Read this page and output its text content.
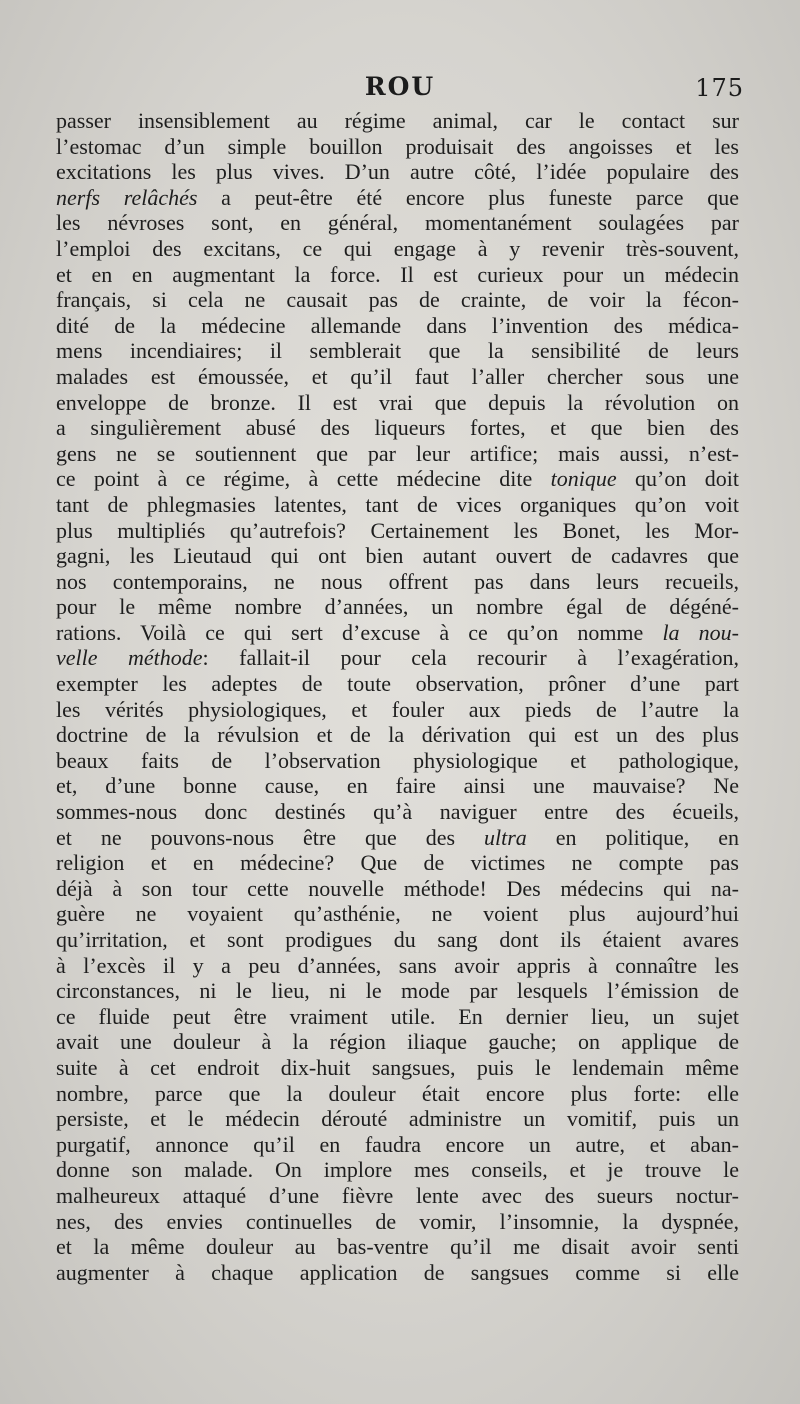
ROU	175
passer insensiblement au régime animal, car le contact sur
l’estomac d’un simple bouillon produisait des angoisses et les
excitations les plus vives. D’un autre côté, l’idée populaire des
nerfs relâchés a peut-être été encore plus funeste parce que
les névroses sont, en général, momentanément soulagées par
l’emploi des excitans, ce qui engage à y revenir très-souvent,
et en en augmentant la force. Il est curieux pour un médecin
français, si cela ne causait pas de crainte, de voir la fécon-
dité de la médecine allemande dans l’invention des médica-
mens incendiaires; il semblerait que la sensibilité de leurs
malades est émoussée, et qu’il faut l’aller chercher sous une
enveloppe de bronze. Il est vrai que depuis la révolution on
a singulièrement abusé des liqueurs fortes, et que bien des
gens ne se soutiennent que par leur artifice; mais aussi, n’est-
ce point à ce régime, à cette médecine dite tonique qu’on doit
tant de phlegmasies latentes, tant de vices organiques qu’on voit
plus multipliés qu’autrefois? Certainement les Bonet, les Mor-
gagni, les Lieutaud qui ont bien autant ouvert de cadavres que
nos contemporains, ne nous offrent pas dans leurs recueils,
pour le même nombre d’années, un nombre égal de dégéné-
rations. Voilà ce qui sert d’excuse à ce qu’on nomme la nou-
velle méthode: fallait-il pour cela recourir à l’exagération,
exempter les adeptes de toute observation, prôner d’une part
les vérités physiologiques, et fouler aux pieds de l’autre la
doctrine de la révulsion et de la dérivation qui est un des plus
beaux faits de l’observation physiologique et pathologique,
et, d’une bonne cause, en faire ainsi une mauvaise? Ne
sommes-nous donc destinés qu’à naviguer entre des écueils,
et ne pouvons-nous être que des ultra en politique, en
religion et en médecine? Que de victimes ne compte pas
déjà à son tour cette nouvelle méthode! Des médecins qui na-
guère ne voyaient qu’asthénie, ne voient plus aujourd’hui
qu’irritation, et sont prodigues du sang dont ils étaient avares
à l’excès il y a peu d’années, sans avoir appris à connaître les
circonstances, ni le lieu, ni le mode par lesquels l’émission de
ce fluide peut être vraiment utile. En dernier lieu, un sujet
avait une douleur à la région iliaque gauche; on applique de
suite à cet endroit dix-huit sangsues, puis le lendemain même
nombre, parce que la douleur était encore plus forte: elle
persiste, et le médecin dérouté administre un vomitif, puis un
purgatif, annonce qu’il en faudra encore un autre, et aban-
donne son malade. On implore mes conseils, et je trouve le
malheureux attaqué d’une fièvre lente avec des sueurs noctur-
nes, des envies continuelles de vomir, l’insomnie, la dyspnée,
et la même douleur au bas-ventre qu’il me disait avoir senti
augmenter à chaque application de sangsues comme si elle
